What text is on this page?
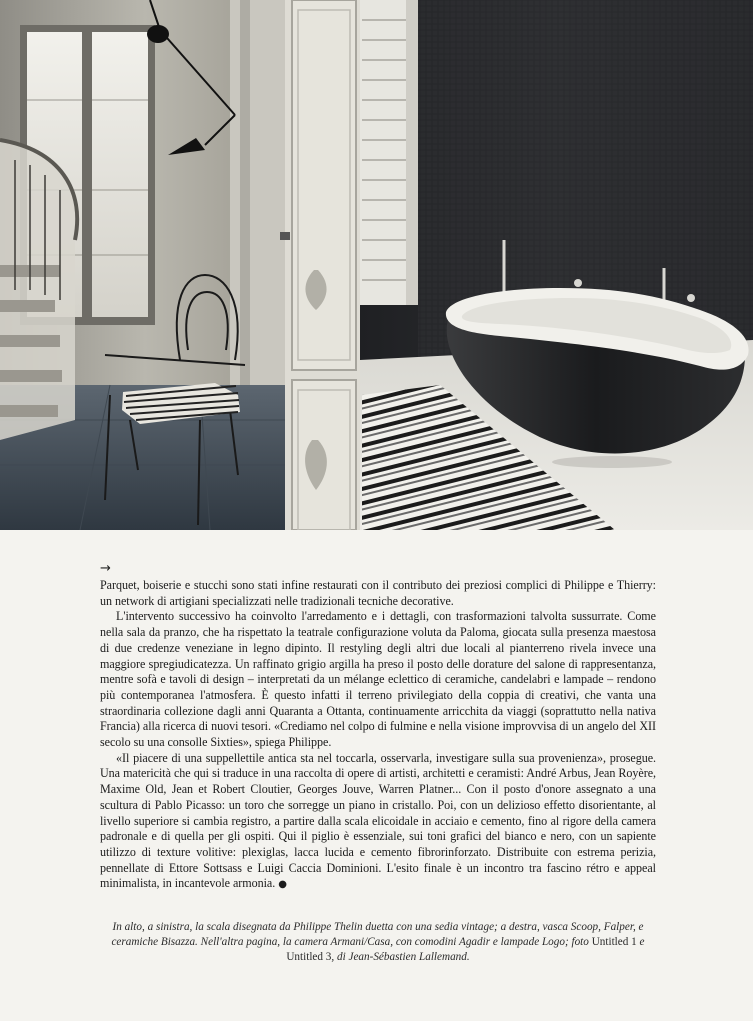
→

Parquet, boiserie e stucchi sono stati infine restaurati con il contributo dei preziosi complici di Philippe e Thierry: un network di artigiani specializzati nelle tradizionali tecniche decorative.

L'intervento successivo ha coinvolto l'arredamento e i dettagli, con trasformazioni talvolta sussurrate. Come nella sala da pranzo, che ha rispettato la teatrale configurazione voluta da Paloma, giocata sulla presenza maestosa di due credenze veneziane in legno dipinto. Il restyling degli altri due locali al pianterreno rivela invece una maggiore spregiudicatezza. Un raffinato grigio argilla ha preso il posto delle dorature del salone di rappresentanza, mentre sofà e tavoli di design – interpretati da un mélange eclettico di ceramiche, candelabri e lampade – rendono più contemporanea l'atmosfera. È questo infatti il terreno privilegiato della coppia di creativi, che vanta una straordinaria collezione dagli anni Quaranta a Ottanta, continuamente arricchita da viaggi (soprattutto nella nativa Francia) alla ricerca di nuovi tesori. «Crediamo nel colpo di fulmine e nella visione improvvisa di un angelo del XII secolo su una consolle Sixties», spiega Philippe.

«Il piacere di una suppellettile antica sta nel toccarla, osservarla, investigare sulla sua provenienza», prosegue. Una matericità che qui si traduce in una raccolta di opere di artisti, architetti e ceramisti: André Arbus, Jean Royère, Maxime Old, Jean et Robert Cloutier, Georges Jouve, Warren Platner... Con il posto d'onore assegnato a una scultura di Pablo Picasso: un toro che sorregge un piano in cristallo. Poi, con un delizioso effetto disorientante, al livello superiore si cambia registro, a partire dalla scala elicoidale in acciaio e cemento, fino al rigore della camera padronale e di quella per gli ospiti. Qui il piglio è essenziale, sui toni grafici del bianco e nero, con un sapiente utilizzo di texture volitive: plexiglas, lacca lucida e cemento fibrorinforzato. Distribuite con estrema perizia, pennellate di Ettore Sottsass e Luigi Caccia Dominioni. L'esito finale è un incontro tra fascino rétro e appeal minimalista, in incantevole armonia. ●

In alto, a sinistra, la scala disegnata da Philippe Thelin duetta con una sedia vintage; a destra, vasca Scoop, Falper, e ceramiche Bisazza. Nell'altra pagina, la camera Armani/Casa, con comodini Agadir e lampade Logo; foto Untitled 1 e Untitled 3, di Jean-Sébastien Lallemand.
